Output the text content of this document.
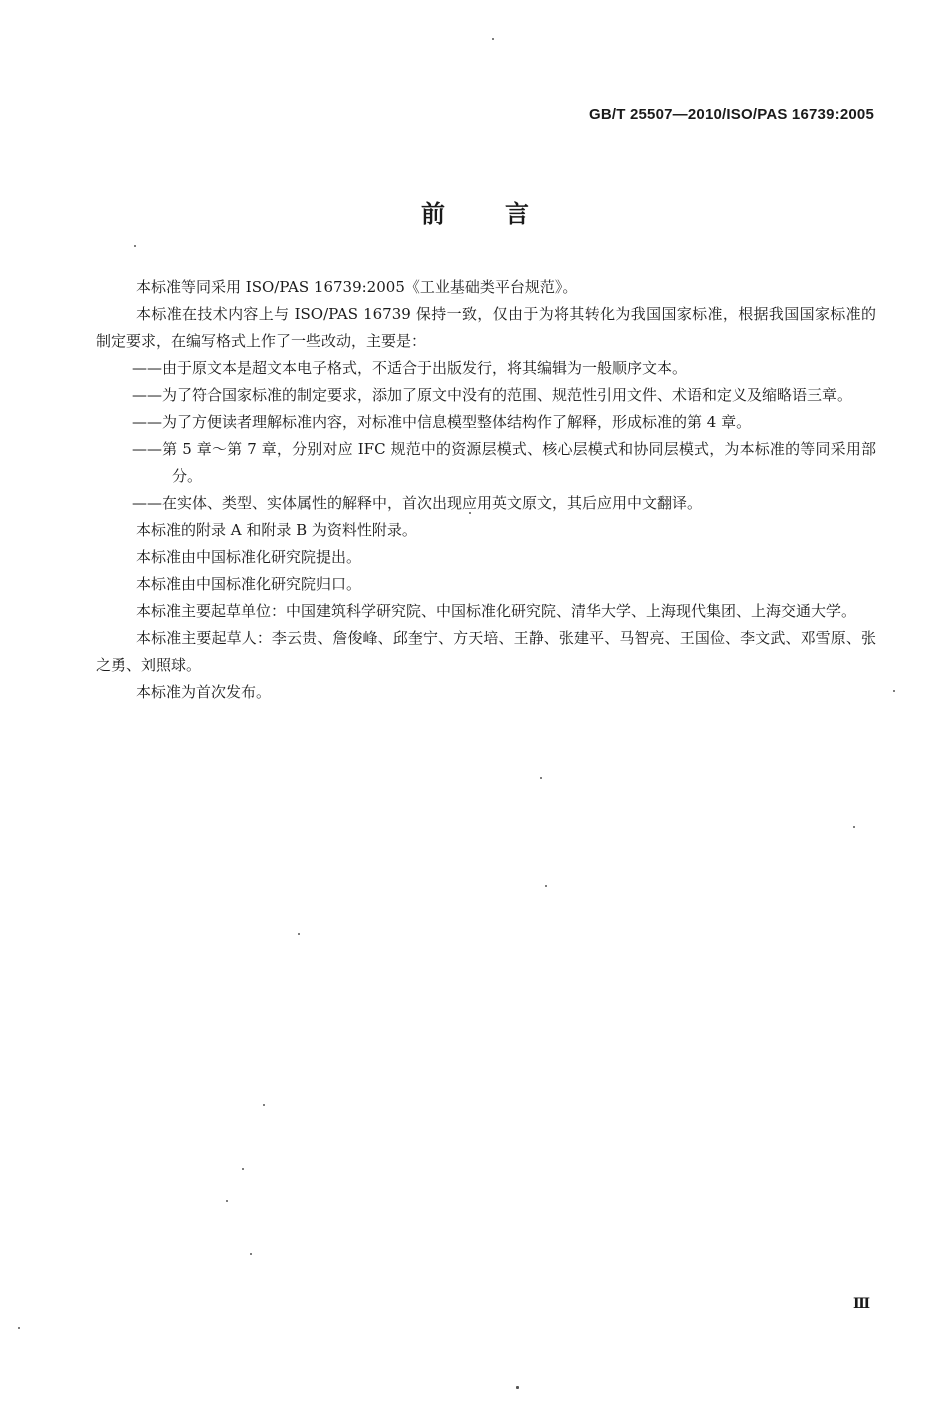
GB/T 25507—2010/ISO/PAS 16739:2005
前言

本标准等同采用 ISO/PAS 16739:2005《工业基础类平台规范》。

本标准在技术内容上与 ISO/PAS 16739 保持一致，仅由于为将其转化为我国国家标准，根据我国国家标准的制定要求，在编写格式上作了一些改动，主要是：

——由于原文本是超文本电子格式，不适合于出版发行，将其编辑为一般顺序文本。

——为了符合国家标准的制定要求，添加了原文中没有的范围、规范性引用文件、术语和定义及缩略语三章。

——为了方便读者理解标准内容，对标准中信息模型整体结构作了解释，形成标准的第 4 章。

——第 5 章～第 7 章，分别对应 IFC 规范中的资源层模式、核心层模式和协同层模式，为本标准的等同采用部分。

——在实体、类型、实体属性的解释中，首次出现应用英文原文，其后应用中文翻译。

本标准的附录 A 和附录 B 为资料性附录。

本标准由中国标准化研究院提出。

本标准由中国标准化研究院归口。

本标准主要起草单位：中国建筑科学研究院、中国标准化研究院、清华大学、上海现代集团、上海交通大学。

本标准主要起草人：李云贵、詹俊峰、邱奎宁、方天培、王静、张建平、马智亮、王国俭、李文武、邓雪原、张之勇、刘照球。

本标准为首次发布。

Ⅲ
